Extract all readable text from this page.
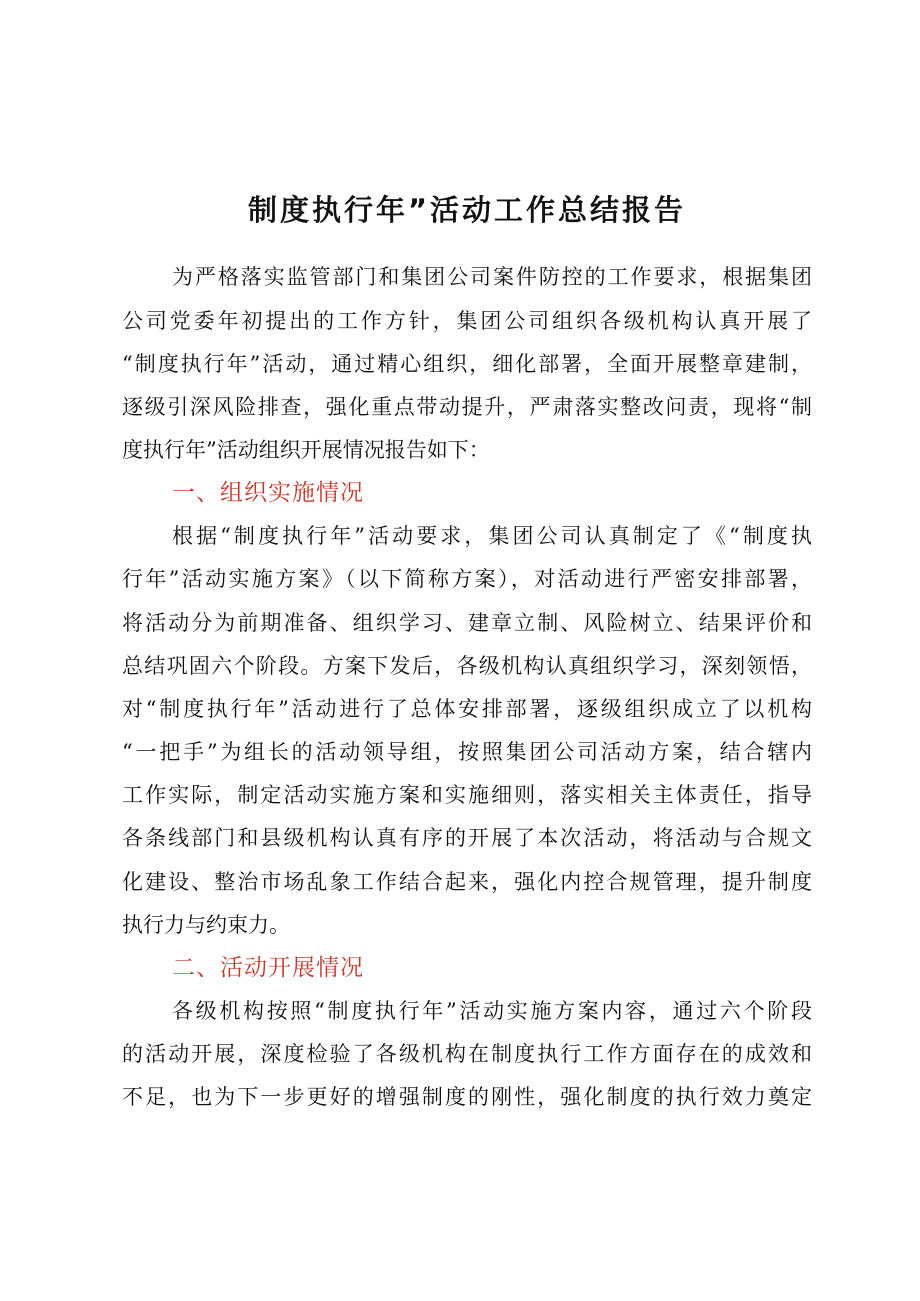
制度执行年”活动工作总结报告
为严格落实监管部门和集团公司案件防控的工作要求，根据集团
公司党委年初提出的工作方针，集团公司组织各级机构认真开展了
“制度执行年”活动，通过精心组织，细化部署，全面开展整章建制，
逐级引深风险排查，强化重点带动提升，严肃落实整改问责，现将“制
度执行年”活动组织开展情况报告如下：
一、组织实施情况
根据“制度执行年”活动要求，集团公司认真制定了《“制度执
行年”活动实施方案》（以下简称方案），对活动进行严密安排部署，
将活动分为前期准备、组织学习、建章立制、风险树立、结果评价和
总结巩固六个阶段。方案下发后，各级机构认真组织学习，深刻领悟，
对“制度执行年”活动进行了总体安排部署，逐级组织成立了以机构
“一把手”为组长的活动领导组，按照集团公司活动方案，结合辖内
工作实际，制定活动实施方案和实施细则，落实相关主体责任，指导
各条线部门和县级机构认真有序的开展了本次活动，将活动与合规文
化建设、整治市场乱象工作结合起来，强化内控合规管理，提升制度
执行力与约束力。
二、活动开展情况
各级机构按照“制度执行年”活动实施方案内容，通过六个阶段
的活动开展，深度检验了各级机构在制度执行工作方面存在的成效和
不足，也为下一步更好的增强制度的刚性，强化制度的执行效力奠定
